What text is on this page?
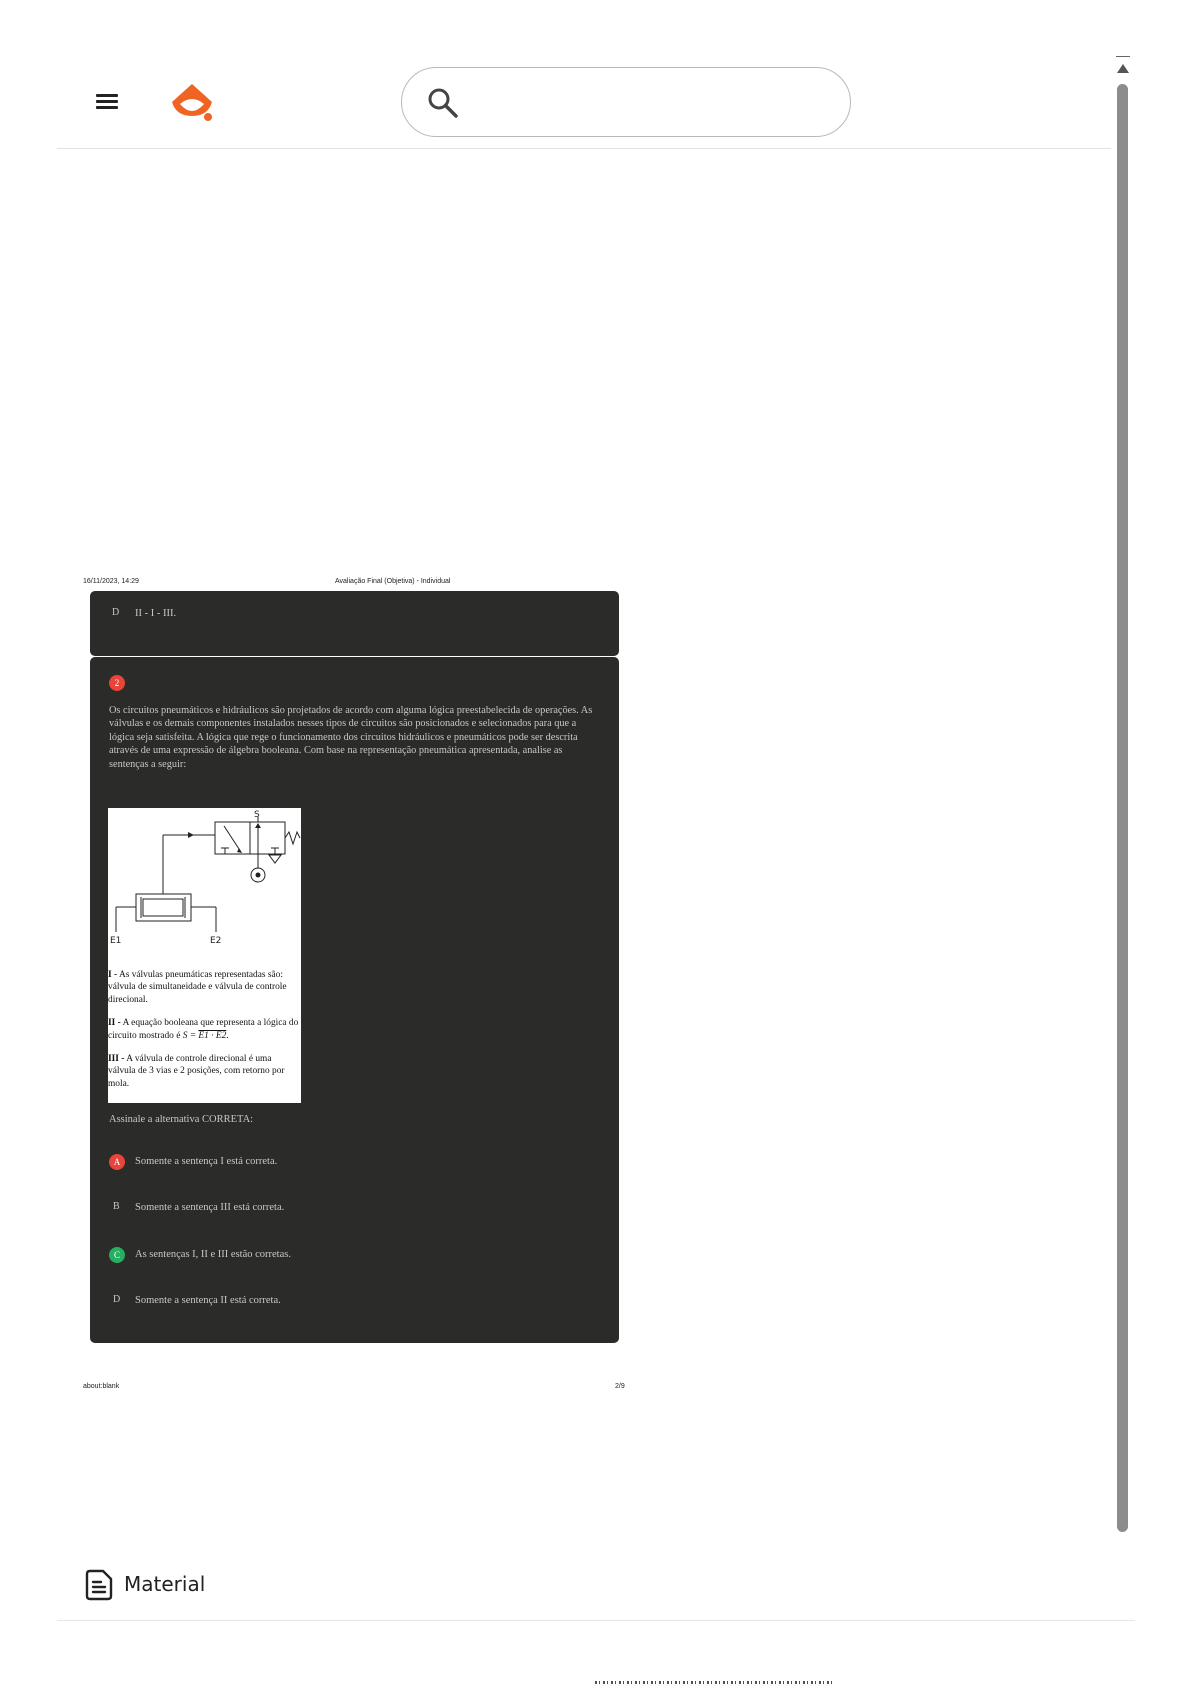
16/11/2023, 14:29	Avaliação Final (Objetiva) - Individual
D II - I - III.
2
Os circuitos pneumáticos e hidráulicos são projetados de acordo com alguma lógica preestabelecida de operações. As válvulas e os demais componentes instalados nesses tipos de circuitos são posicionados e selecionados para que a lógica seja satisfeita. A lógica que rege o funcionamento dos circuitos hidráulicos e pneumáticos pode ser descrita através de uma expressão de álgebra booleana. Com base na representação pneumática apresentada, analise as sentenças a seguir:
S
E1	E2

I - As válvulas pneumáticas representadas são: válvula de simultaneidade e válvula de controle direcional.

II - A equação booleana que representa a lógica do circuito mostrado é S = E1 · E2.

III - A válvula de controle direcional é uma válvula de 3 vias e 2 posições, com retorno por mola.

Assinale a alternativa CORRETA:
A	Somente a sentença I está correta.
B Somente a sentença III está correta.
C	As sentenças I, II e III estão corretas.
D Somente a sentença II está correta.
about:blank	2/9
Material
